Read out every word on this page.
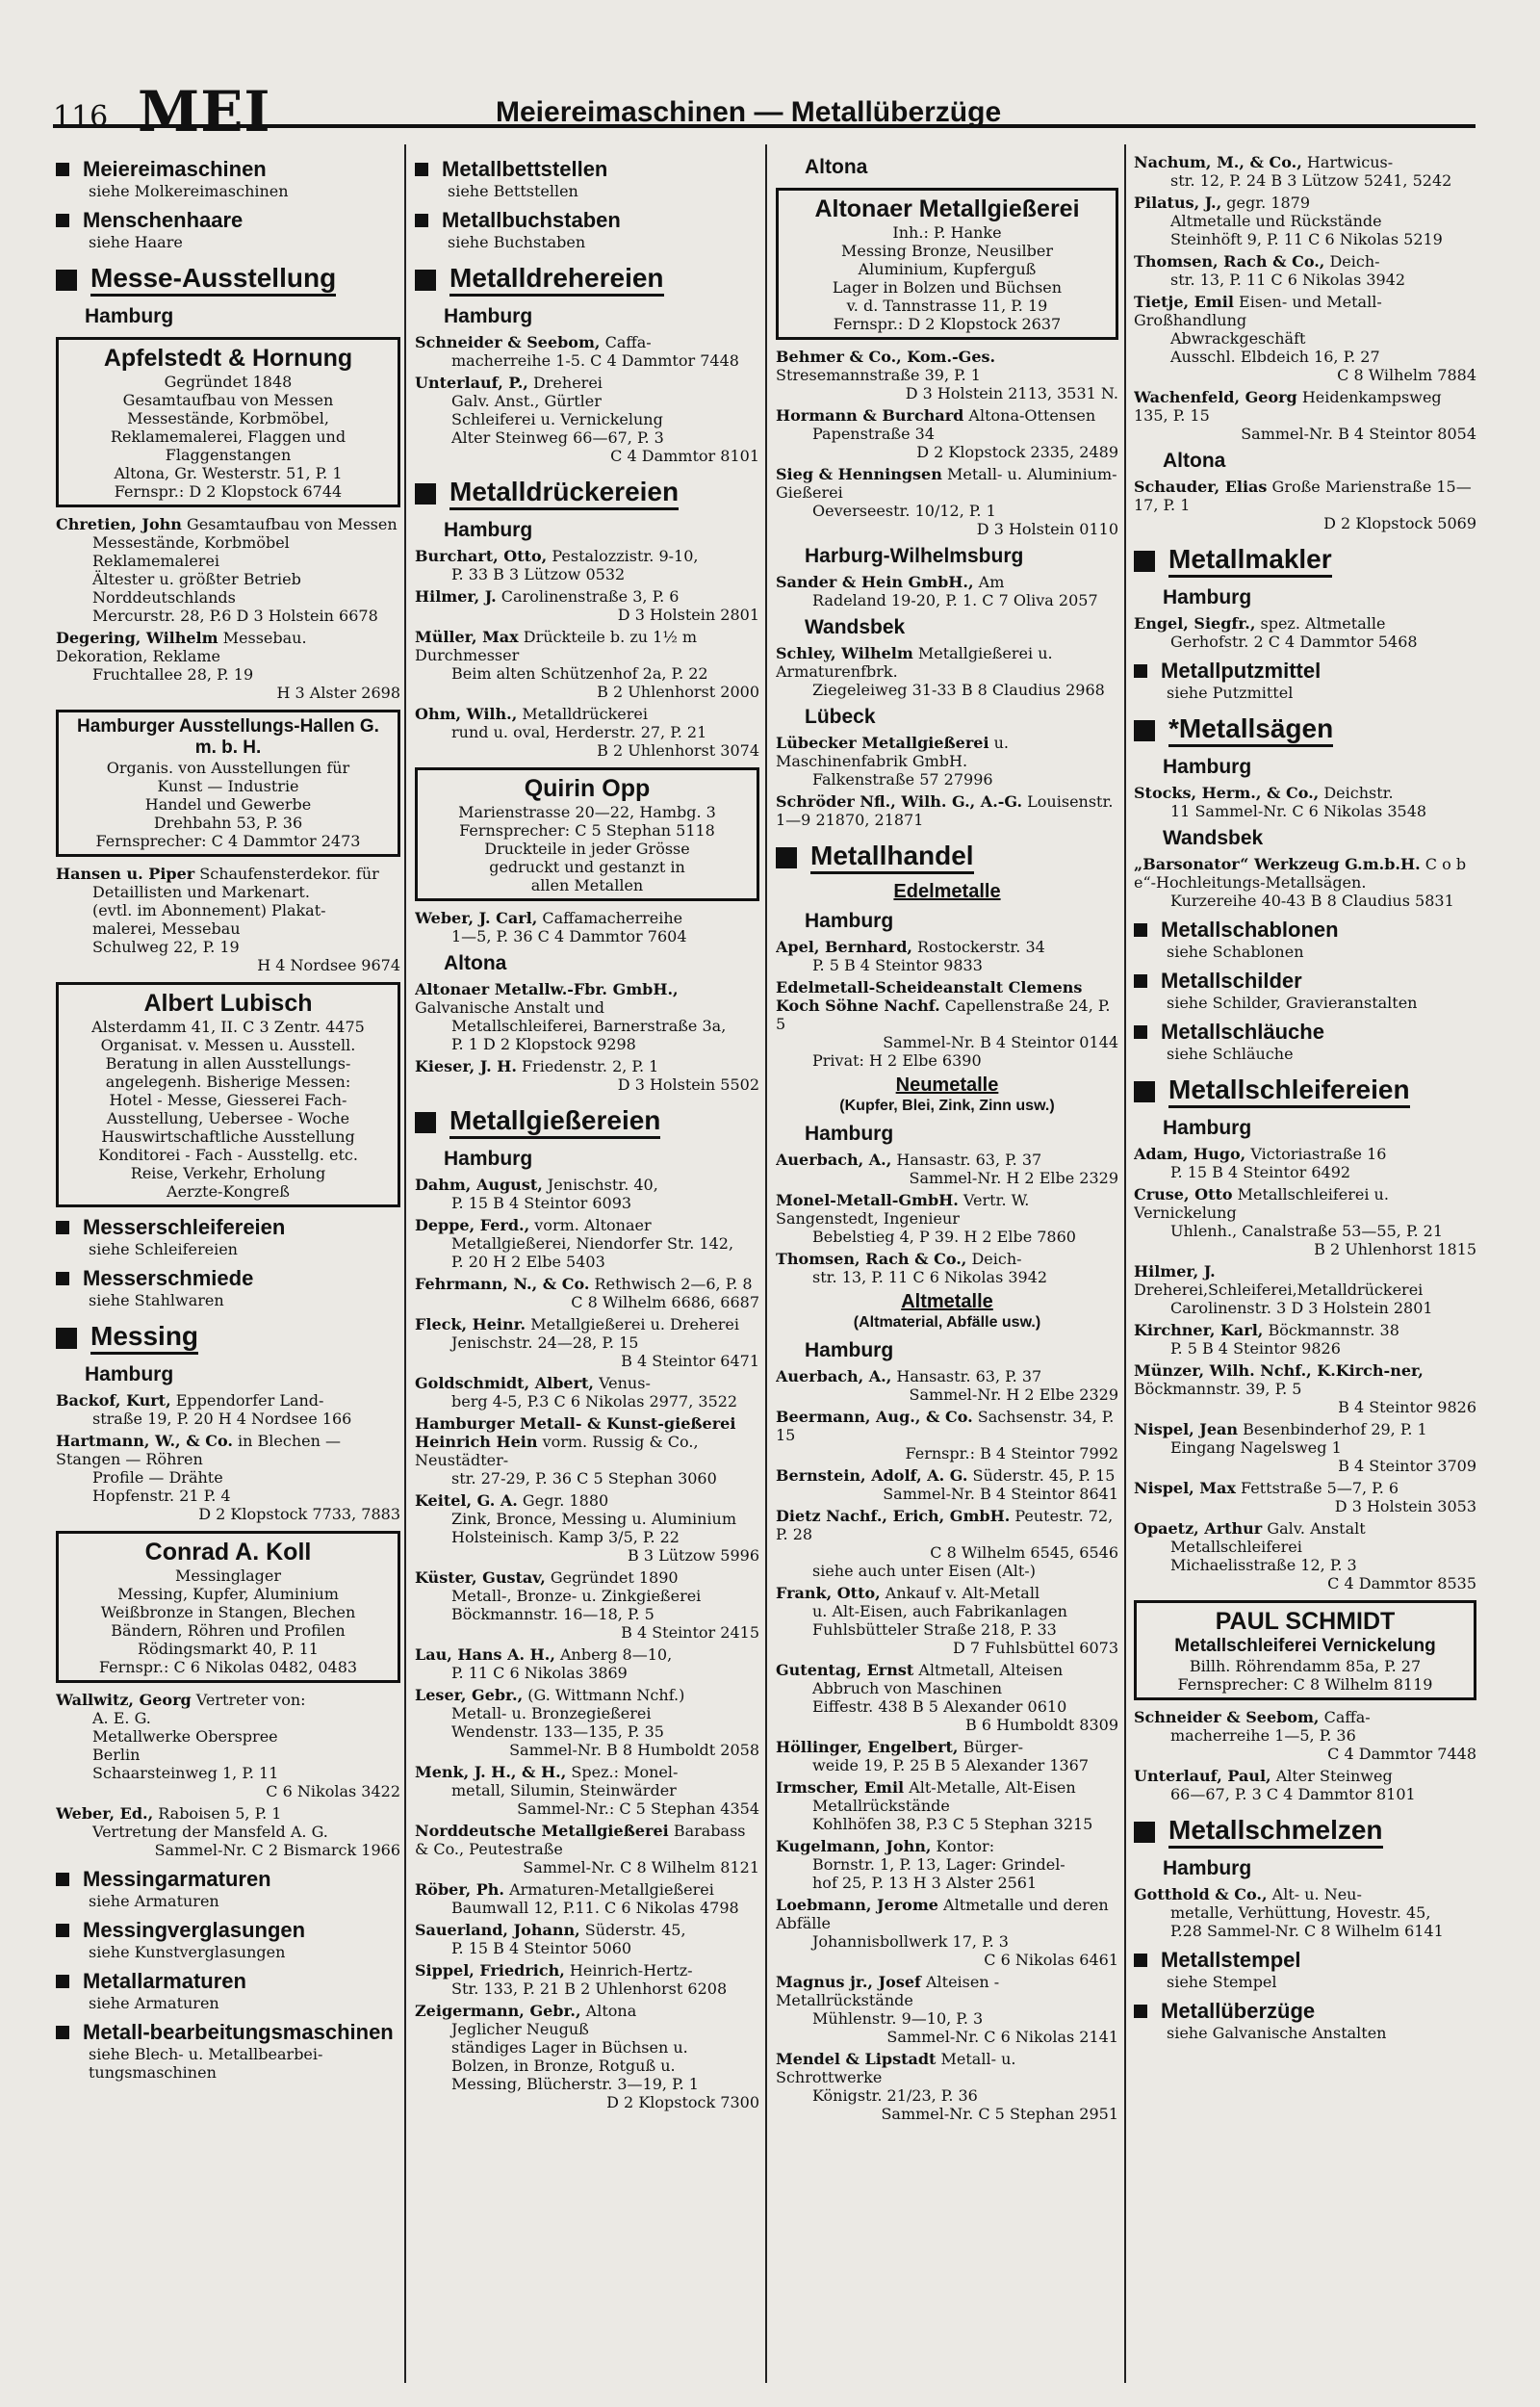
116 MEI	Meiereimaschinen — Metallüberzüge
Meiereimaschinen
siehe Molkereimaschinen
Menschenhaare
siehe Haare
Messe-Ausstellung
Hamburg
Apfelstedt & Hornung
Gegründet 1848
Gesamtaufbau von Messen
Messestände, Korbmöbel,
Reklamemalerei, Flaggen und
Flaggenstangen
Altona, Gr. Westerstr. 51, P. 1
Fernspr.: D 2 Klopstock 6744
Chretien, John Gesamtaufbau von Messen
Messestände, Korbmöbel
Reklamemalerei
Ältester u. größter Betrieb
Norddeutschlands
Mercurstr. 28, P.6 D 3 Holstein 6678
Degering, Wilhelm Messebau. Dekoration, Reklame
Fruchtallee 28, P. 19
H 3 Alster 2698
Hamburger Ausstellungs-Hallen G. m. b. H.
Organis. von Ausstellungen für
Kunst — Industrie
Handel und Gewerbe
Drehbahn 53, P. 36
Fernsprecher: C 4 Dammtor 2473
Hansen u. Piper Schaufensterdekor. für
Detaillisten und Markenart.
(evtl. im Abonnement) Plakat-
malerei, Messebau
Schulweg 22, P. 19
H 4 Nordsee 9674
Albert Lubisch
Alsterdamm 41, II. C 3 Zentr. 4475
Organisat. v. Messen u. Ausstell.
Beratung in allen Ausstellungs-
angelegenh. Bisherige Messen:
Hotel - Messe, Giesserei Fach-
Ausstellung, Uebersee - Woche
Hauswirtschaftliche Ausstellung
Konditorei - Fach - Ausstellg. etc.
Reise, Verkehr, Erholung
Aerzte-Kongreß
Messerschleifereien
siehe Schleifereien
Messerschmiede
siehe Stahlwaren
Messing
Hamburg
Backof, Kurt, Eppendorfer Land-
straße 19, P. 20 H 4 Nordsee 166
Hartmann, W., & Co. in Blechen — Stangen — Röhren
Profile — Drähte
Hopfenstr. 21 P. 4
D 2 Klopstock 7733, 7883
Conrad A. Koll
Messinglager
Messing, Kupfer, Aluminium
Weißbronze in Stangen, Blechen
Bändern, Röhren und Profilen
Rödingsmarkt 40, P. 11
Fernspr.: C 6 Nikolas 0482, 0483
Wallwitz, Georg Vertreter von:
A. E. G.
Metallwerke Oberspree
Berlin
Schaarsteinweg 1, P. 11
C 6 Nikolas 3422
Weber, Ed., Raboisen 5, P. 1
Vertretung der Mansfeld A. G.
Sammel-Nr. C 2 Bismarck 1966
Messingarmaturen
siehe Armaturen
Messingverglasungen
siehe Kunstverglasungen
Metallarmaturen
siehe Armaturen
Metall-bearbeitungsmaschinen
siehe Blech- u. Metallbearbei-tungsmaschinen
Metallbettstellen
siehe Bettstellen
Metallbuchstaben
siehe Buchstaben
Metalldrehereien
Hamburg
Schneider & Seebom, Caffa-
macherreihe 1-5. C 4 Dammtor 7448
Unterlauf, P., Dreherei
Galv. Anst., Gürtler
Schleiferei u. Vernickelung
Alter Steinweg 66—67, P. 3
C 4 Dammtor 8101
Metalldrückereien
Hamburg
Burchart, Otto, Pestalozzistr. 9-10,
P. 33 B 3 Lützow 0532
Hilmer, J. Carolinenstraße 3, P. 6
D 3 Holstein 2801
Müller, Max Drückteile b. zu 1½ m Durchmesser
Beim alten Schützenhof 2a, P. 22
B 2 Uhlenhorst 2000
Ohm, Wilh., Metalldrückerei
rund u. oval, Herderstr. 27, P. 21
B 2 Uhlenhorst 3074
Quirin Opp
Marienstrasse 20—22, Hambg. 3
Fernsprecher: C 5 Stephan 5118
Druckteile in jeder Grösse
gedruckt und gestanzt in
allen Metallen
Weber, J. Carl, Caffamacherreihe
1—5, P. 36 C 4 Dammtor 7604
Altona
Altonaer Metallw.-Fbr. GmbH., Galvanische Anstalt und
Metallschleiferei, Barnerstraße 3a,
P. 1 D 2 Klopstock 9298
Kieser, J. H. Friedenstr. 2, P. 1
D 3 Holstein 5502
Metallgießereien
Hamburg
Dahm, August, Jenischstr. 40,
P. 15 B 4 Steintor 6093
Deppe, Ferd., vorm. Altonaer
Metallgießerei, Niendorfer Str. 142,
P. 20 H 2 Elbe 5403
Fehrmann, N., & Co. Rethwisch 2—6, P. 8
C 8 Wilhelm 6686, 6687
Fleck, Heinr. Metallgießerei u. Dreherei
Jenischstr. 24—28, P. 15
B 4 Steintor 6471
Goldschmidt, Albert, Venus-
berg 4-5, P.3 C 6 Nikolas 2977, 3522
Hamburger Metall- & Kunst-gießerei Heinrich Hein vorm. Russig & Co., Neustädter-
str. 27-29, P. 36 C 5 Stephan 3060
Keitel, G. A. Gegr. 1880
Zink, Bronce, Messing u. Aluminium
Holsteinisch. Kamp 3/5, P. 22
B 3 Lützow 5996
Küster, Gustav, Gegründet 1890
Metall-, Bronze- u. Zinkgießerei
Böckmannstr. 16—18, P. 5
B 4 Steintor 2415
Lau, Hans A. H., Anberg 8—10,
P. 11 C 6 Nikolas 3869
Leser, Gebr., (G. Wittmann Nchf.)
Metall- u. Bronzegießerei
Wendenstr. 133—135, P. 35
Sammel-Nr. B 8 Humboldt 2058
Menk, J. H., & H., Spez.: Monel-
metall, Silumin, Steinwärder
Sammel-Nr.: C 5 Stephan 4354
Norddeutsche Metallgießerei Barabass & Co., Peutestraße
Sammel-Nr. C 8 Wilhelm 8121
Röber, Ph. Armaturen-Metallgießerei
Baumwall 12, P.11. C 6 Nikolas 4798
Sauerland, Johann, Süderstr. 45,
P. 15 B 4 Steintor 5060
Sippel, Friedrich, Heinrich-Hertz-
Str. 133, P. 21 B 2 Uhlenhorst 6208
Zeigermann, Gebr., Altona
Jeglicher Neuguß
ständiges Lager in Büchsen u.
Bolzen, in Bronze, Rotguß u.
Messing, Blücherstr. 3—19, P. 1
D 2 Klopstock 7300
Altona
Altonaer Metallgießerei
Inh.: P. Hanke
Messing Bronze, Neusilber
Aluminium, Kupferguß
Lager in Bolzen und Büchsen
v. d. Tannstrasse 11, P. 19
Fernspr.: D 2 Klopstock 2637
Behmer & Co., Kom.-Ges. Stresemannstraße 39, P. 1
D 3 Holstein 2113, 3531 N.
Hormann & Burchard Altona-Ottensen
Papenstraße 34
D 2 Klopstock 2335, 2489
Sieg & Henningsen Metall- u. Aluminium-Gießerei
Oeverseestr. 10/12, P. 1
D 3 Holstein 0110
Harburg-Wilhelmsburg
Sander & Hein GmbH., Am
Radeland 19-20, P. 1. C 7 Oliva 2057
Wandsbek
Schley, Wilhelm Metallgießerei u. Armaturenfbrk.
Ziegeleiweg 31-33 B 8 Claudius 2968
Lübeck
Lübecker Metallgießerei u. Maschinenfabrik GmbH.
Falkenstraße 57 27996
Schröder Nfl., Wilh. G., A.-G. Louisenstr. 1—9 21870, 21871
Metallhandel
Edelmetalle
Hamburg
Apel, Bernhard, Rostockerstr. 34
P. 5 B 4 Steintor 9833
Edelmetall-Scheideanstalt Clemens Koch Söhne Nachf. Capellenstraße 24, P. 5
Sammel-Nr. B 4 Steintor 0144
Privat: H 2 Elbe 6390
Neumetalle
(Kupfer, Blei, Zink, Zinn usw.)
Hamburg
Auerbach, A., Hansastr. 63, P. 37
Sammel-Nr. H 2 Elbe 2329
Monel-Metall-GmbH. Vertr. W. Sangenstedt, Ingenieur
Bebelstieg 4, P 39. H 2 Elbe 7860
Thomsen, Rach & Co., Deich-
str. 13, P. 11 C 6 Nikolas 3942
Altmetalle
(Altmaterial, Abfälle usw.)
Hamburg
Auerbach, A., Hansastr. 63, P. 37
Sammel-Nr. H 2 Elbe 2329
Beermann, Aug., & Co. Sachsenstr. 34, P. 15
Fernspr.: B 4 Steintor 7992
Bernstein, Adolf, A. G. Süderstr. 45, P. 15
Sammel-Nr. B 4 Steintor 8641
Dietz Nachf., Erich, GmbH. Peutestr. 72, P. 28
C 8 Wilhelm 6545, 6546
siehe auch unter Eisen (Alt-)
Frank, Otto, Ankauf v. Alt-Metall
u. Alt-Eisen, auch Fabrikanlagen
Fuhlsbütteler Straße 218, P. 33
D 7 Fuhlsbüttel 6073
Gutentag, Ernst Altmetall, Alteisen
Abbruch von Maschinen
Eiffestr. 438 B 5 Alexander 0610
B 6 Humboldt 8309
Höllinger, Engelbert, Bürger-
weide 19, P. 25 B 5 Alexander 1367
Irmscher, Emil Alt-Metalle, Alt-Eisen
Metallrückstände
Kohlhöfen 38, P.3 C 5 Stephan 3215
Kugelmann, John, Kontor:
Bornstr. 1, P. 13, Lager: Grindel-
hof 25, P. 13 H 3 Alster 2561
Loebmann, Jerome Altmetalle und deren Abfälle
Johannisbollwerk 17, P. 3
C 6 Nikolas 6461
Magnus jr., Josef Alteisen - Metallrückstände
Mühlenstr. 9—10, P. 3
Sammel-Nr. C 6 Nikolas 2141
Mendel & Lipstadt Metall- u. Schrottwerke
Königstr. 21/23, P. 36
Sammel-Nr. C 5 Stephan 2951
Nachum, M., & Co., Hartwicus-
str. 12, P. 24 B 3 Lützow 5241, 5242
Pilatus, J., gegr. 1879
Altmetalle und Rückstände
Steinhöft 9, P. 11 C 6 Nikolas 5219
Thomsen, Rach & Co., Deich-
str. 13, P. 11 C 6 Nikolas 3942
Tietje, Emil Eisen- und Metall-Großhandlung
Abwrackgeschäft
Ausschl. Elbdeich 16, P. 27
C 8 Wilhelm 7884
Wachenfeld, Georg Heidenkampsweg 135, P. 15
Sammel-Nr. B 4 Steintor 8054
Altona
Schauder, Elias Große Marienstraße 15—17, P. 1
D 2 Klopstock 5069
Metallmakler
Hamburg
Engel, Siegfr., spez. Altmetalle
Gerhofstr. 2 C 4 Dammtor 5468
Metallputzmittel
siehe Putzmittel
*Metallsägen
Hamburg
Stocks, Herm., & Co., Deichstr.
11 Sammel-Nr. C 6 Nikolas 3548
Wandsbek
„Barsonator“ Werkzeug G.m.b.H. C o b e“-Hochleitungs-Metallsägen.
Kurzereihe 40-43 B 8 Claudius 5831
Metallschablonen
siehe Schablonen
Metallschilder
siehe Schilder, Gravieranstalten
Metallschläuche
siehe Schläuche
Metallschleifereien
Hamburg
Adam, Hugo, Victoriastraße 16
P. 15 B 4 Steintor 6492
Cruse, Otto Metallschleiferei u. Vernickelung
Uhlenh., Canalstraße 53—55, P. 21
B 2 Uhlenhorst 1815
Hilmer, J. Dreherei,Schleiferei,Metalldrückerei
Carolinenstr. 3 D 3 Holstein 2801
Kirchner, Karl, Böckmannstr. 38
P. 5 B 4 Steintor 9826
Münzer, Wilh. Nchf., K.Kirch-ner, Böckmannstr. 39, P. 5
B 4 Steintor 9826
Nispel, Jean Besenbinderhof 29, P. 1
Eingang Nagelsweg 1
B 4 Steintor 3709
Nispel, Max Fettstraße 5—7, P. 6
D 3 Holstein 3053
Opaetz, Arthur Galv. Anstalt
Metallschleiferei
Michaelisstraße 12, P. 3
C 4 Dammtor 8535
PAUL SCHMIDT
Metallschleiferei Vernickelung
Billh. Röhrendamm 85a, P. 27
Fernsprecher: C 8 Wilhelm 8119
Schneider & Seebom, Caffa-
macherreihe 1—5, P. 36
C 4 Dammtor 7448
Unterlauf, Paul, Alter Steinweg
66—67, P. 3 C 4 Dammtor 8101
Metallschmelzen
Hamburg
Gotthold & Co., Alt- u. Neu-
metalle, Verhüttung, Hovestr. 45,
P.28 Sammel-Nr. C 8 Wilhelm 6141
Metallstempel
siehe Stempel
Metallüberzüge
siehe Galvanische Anstalten
